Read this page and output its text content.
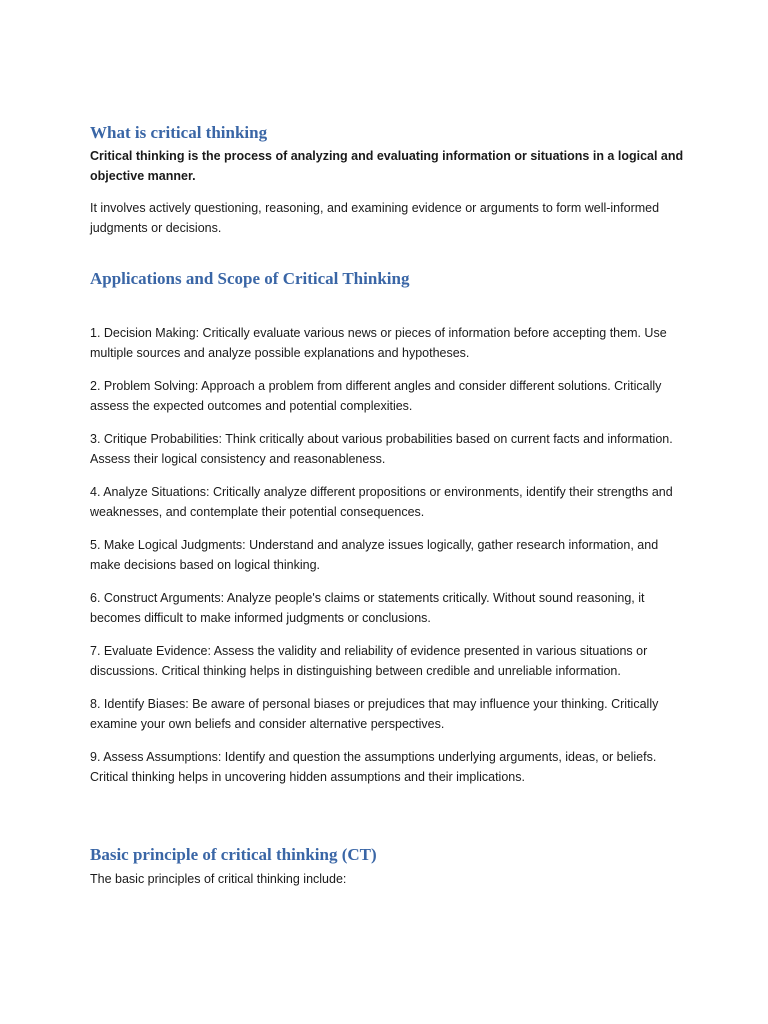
What is critical thinking

Critical thinking is the process of analyzing and evaluating information or situations in a logical and objective manner.

It involves actively questioning, reasoning, and examining evidence or arguments to form well-informed judgments or decisions.

Applications and Scope of Critical Thinking
1. Decision Making: Critically evaluate various news or pieces of information before accepting them. Use multiple sources and analyze possible explanations and hypotheses.
2. Problem Solving: Approach a problem from different angles and consider different solutions. Critically assess the expected outcomes and potential complexities.
3. Critique Probabilities: Think critically about various probabilities based on current facts and information. Assess their logical consistency and reasonableness.
4. Analyze Situations: Critically analyze different propositions or environments, identify their strengths and weaknesses, and contemplate their potential consequences.
5. Make Logical Judgments: Understand and analyze issues logically, gather research information, and make decisions based on logical thinking.
6. Construct Arguments: Analyze people's claims or statements critically. Without sound reasoning, it becomes difficult to make informed judgments or conclusions.
7. Evaluate Evidence: Assess the validity and reliability of evidence presented in various situations or discussions. Critical thinking helps in distinguishing between credible and unreliable information.
8. Identify Biases: Be aware of personal biases or prejudices that may influence your thinking. Critically examine your own beliefs and consider alternative perspectives.
9. Assess Assumptions: Identify and question the assumptions underlying arguments, ideas, or beliefs. Critical thinking helps in uncovering hidden assumptions and their implications.
Basic principle of critical thinking (CT)

The basic principles of critical thinking include:
